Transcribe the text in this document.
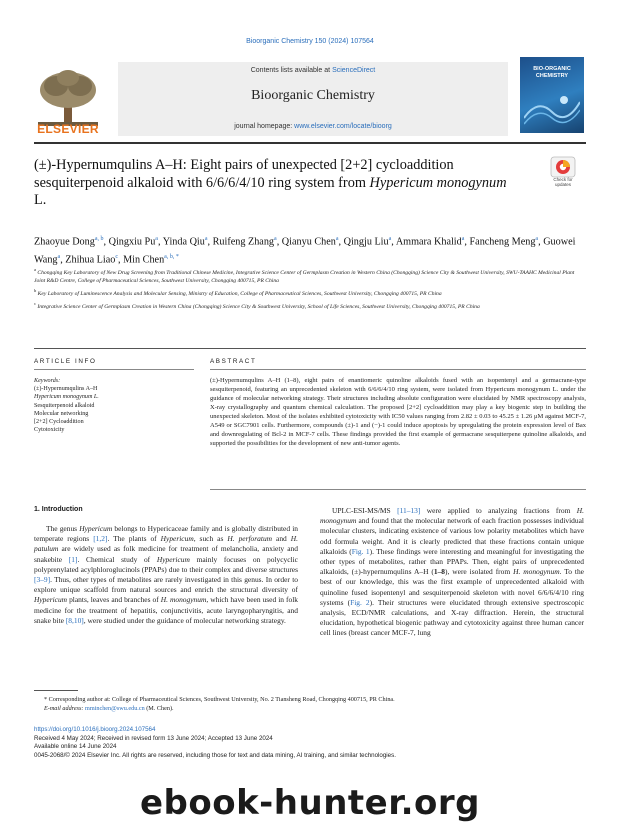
Bioorganic Chemistry 150 (2024) 107564
ELSEVIER
Contents lists available at ScienceDirect
Bioorganic Chemistry
journal homepage: www.elsevier.com/locate/bioorg
BIO-ORGANIC CHEMISTRY
(±)-Hypernumqulins A–H: Eight pairs of unexpected [2+2] cycloaddition sesquiterpenoid alkaloid with 6/6/6/4/10 ring system from Hypericum monogynum L.
Check for updates
Zhaoyue Dong$^{a, b}$, Qingxiu Pu$^a$, Yinda Qiu$^a$, Ruifeng Zhang$^a$, Qianyu Chen$^a$, Qingju Liu$^a$, Ammara Khalid$^a$, Fancheng Meng$^a$, Guowei Wang$^a$, Zhihua Liao$^c$, Min Chen$^{a, b, *}$

$^a$ Chongqing Key Laboratory of New Drug Screening from Traditional Chinese Medicine, Integrative Science Center of Germplasm Creation in Western China (Chongqing) Science City & Southwest University, SWU-TAAHC Medicinal Plant Joint R&D Centre, College of Pharmaceutical Sciences, Southwest University, Chongqing 400715, PR China

$^b$ Key Laboratory of Luminescence Analysis and Molecular Sensing, Ministry of Education, College of Pharmaceutical Sciences, Southwest University, Chongqing 400715, PR China

$^c$ Integrative Science Center of Germplasm Creation in Western China (Chongqing) Science City & Southwest University, School of Life Sciences, Southwest University, Chongqing 400715, PR China

ARTICLE INFO	ABSTRACT
Keywords:
(±)-Hypernumqulins A–H
Hypericum monogynum L.
Sesquiterpenoid alkaloid
Molecular networking
[2+2] Cycloaddition
Cytotoxicity
(±)-Hypernumqulins A–H (1–8), eight pairs of enantiomeric quinoline alkaloids fused with an isopentenyl and a germacrane-type sesquiterpenoid, featuring an unprecedented skeleton with 6/6/6/4/10 ring system, were isolated from Hypericum monogynum L. under the guidance of molecular networking strategy. Their structures including absolute configuration were elucidated by NMR spectroscopy analysis, X-ray crystallography and quantum chemical calculation. The proposed [2+2] cycloaddition may play a key biogenic step in building the unexpected skeleton. Most of the isolates exhibited cytotoxicity with IC50 values ranging from 2.82 ± 0.03 to 45.25 ± 1.26 μM against MCF-7, A549 or SGC7901 cells. Furthermore, compounds (±)-1 and (−)-1 could induce apoptosis by upregulating the protein expression level of Bax and downregulating of Bcl-2 in MCF-7 cells. These findings provided the first example of germacrane sesquiterpene quinoline alkaloids, and supported the possibilities for the development of new anti-tumor agents.
1. Introduction
The genus Hypericum belongs to Hypericaceae family and is globally distributed in temperate regions [1,2]. The plants of Hypericum, such as H. perforatum and H. patulum are widely used as folk medicine for treatment of melancholia, anxiety and snakebite [1]. Chemical study of Hypericum mainly focuses on polycyclic polyprenylated acylphloroglucinols (PPAPs) due to their complex and diverse structures [3–9]. Thus, other types of metabolites are rarely investigated in this genus. In order to explore unique scaffold from natural sources and enrich the structural diversity of Hypericum plants, leaves and branches of H. monogynum, which have been used in folk medicine for the treatment of hepatitis, conjunctivitis, acute laryngopharyngitis, and snake bite [8,10], were studied under the guidance of molecular networking strategy.
UPLC-ESI-MS/MS [11–13] were applied to analyzing fractions from H. monogynum and found that the molecular network of each fraction possesses individual molecular clusters, indicating existence of various low polarity metabolites which have odd formula weight. And it is clearly predicted that these fractions contain unique alkaloids (Fig. 1). These findings were interesting and meaningful for investigating the other types of metabolites, rather than PPAPs. Then, eight pairs of unprecedented alkaloids, (±)-hypernumqulins A–H (1–8), were isolated from H. monogynum. To the best of our knowledge, this was the first example of unprecedented alkaloid with quinoline fused isopentenyl and sesquiterpenoid skeleton with novel 6/6/6/4/10 ring systems (Fig. 2). Their structures were elucidated through extensive spectroscopic analysis, ECD/NMR calculations, and X-ray diffraction. Herein, the structural elucidation, hypothetical biogenic pathway and cytotoxicity against three human cancer cell lines (breast cancer MCF-7, lung
* Corresponding author at: College of Pharmaceutical Sciences, Southwest University, No. 2 Tiansheng Road, Chongqing 400715, PR China.
E-mail address: mminchen@swu.edu.cn (M. Chen).
https://doi.org/10.1016/j.bioorg.2024.107564
Received 4 May 2024; Received in revised form 13 June 2024; Accepted 13 June 2024
Available online 14 June 2024
0045-2068/© 2024 Elsevier Inc. All rights are reserved, including those for text and data mining, AI training, and similar technologies.
ebook-hunter.org
